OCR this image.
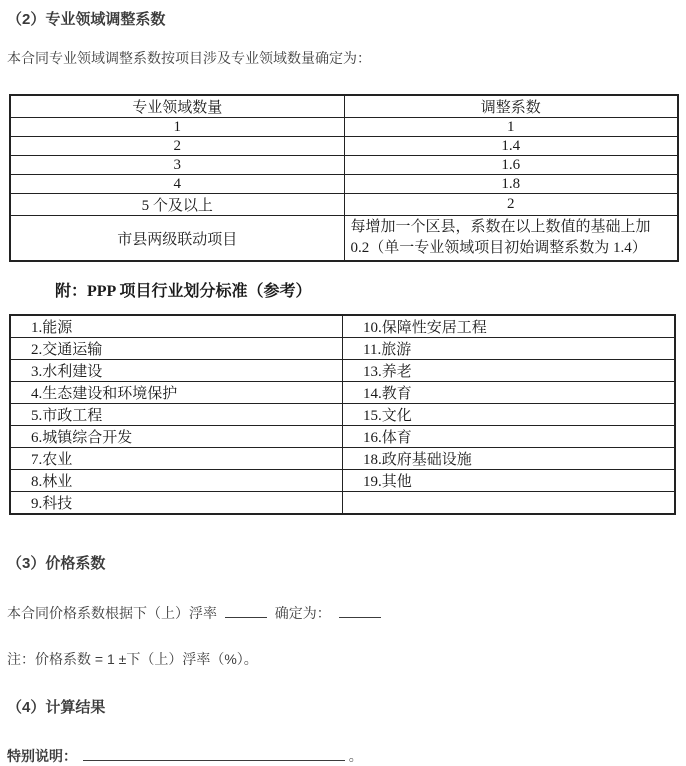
（2）专业领域调整系数
本合同专业领域调整系数按项目涉及专业领域数量确定为：
专业领域数量	调整系数
1	1
2	1.4
3	1.6
4	1.8
5 个及以上	2
市县两级联动项目	每增加一个区县，系数在以上数值的基础上加 0.2（单一专业领域项目初始调整系数为 1.4）
附：PPP 项目行业划分标准（参考）
1.能源	10.保障性安居工程
2.交通运输	11.旅游
3.水利建设	13.养老
4.生态建设和环境保护	14.教育
5.市政工程	15.文化
6.城镇综合开发	16.体育
7.农业	18.政府基础设施
8.林业	19.其他
9.科技	
（3）价格系数
本合同价格系数根据下（上）浮率	确定为：
注：价格系数 = 1 ±下（上）浮率（%）。
（4）计算结果
特别说明：	。
